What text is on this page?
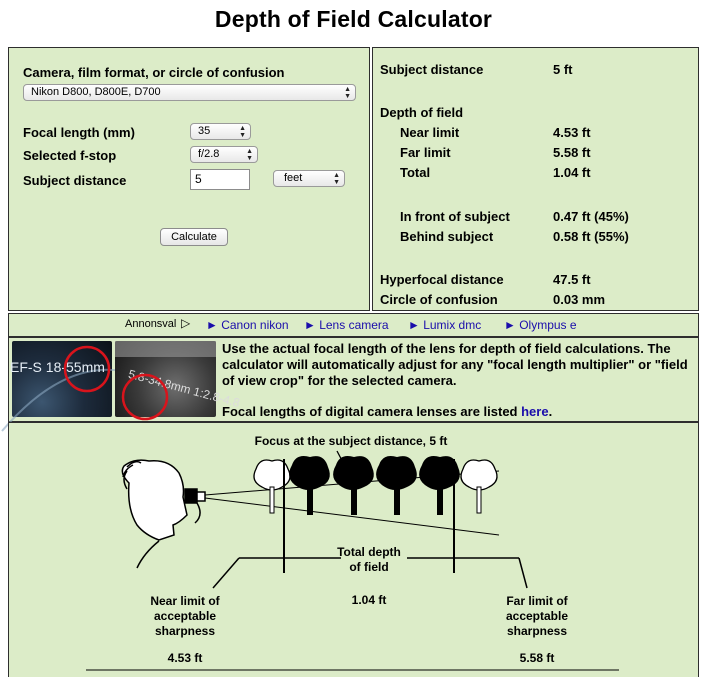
Depth of Field Calculator
Camera, film format, or circle of confusion
Nikon D800, D800E, D700	▲
▼
Focal length (mm)	35	▲
▼
Selected f-stop	f/2.8	▲
▼
Subject distance	5	feet	▲
▼
Calculate
Subject distance	5 ft
Depth of field
Near limit	4.53 ft
Far limit	5.58 ft
Total	1.04 ft
In front of subject	0.47 ft (45%)
Behind subject	0.58 ft (55%)
Hyperfocal distance	47.5 ft
Circle of confusion	0.03 mm
Annonsval ▷ ► Canon nikon ► Lens camera ► Lumix dmc ► Olympus e
EF-S 18-55mm 5.8-34.8mm 1:2.8-4.8
Use the actual focal length of the lens for depth of field calculations. The calculator will automatically adjust for any "focal length multiplier" or "field of view crop" for the selected camera.
Focal lengths of digital camera lenses are listed here.
Focus at the subject distance, 5 ft
Total depth of field
1.04 ft
Near limit of acceptable sharpness
4.53 ft
Far limit of acceptable sharpness
5.58 ft
